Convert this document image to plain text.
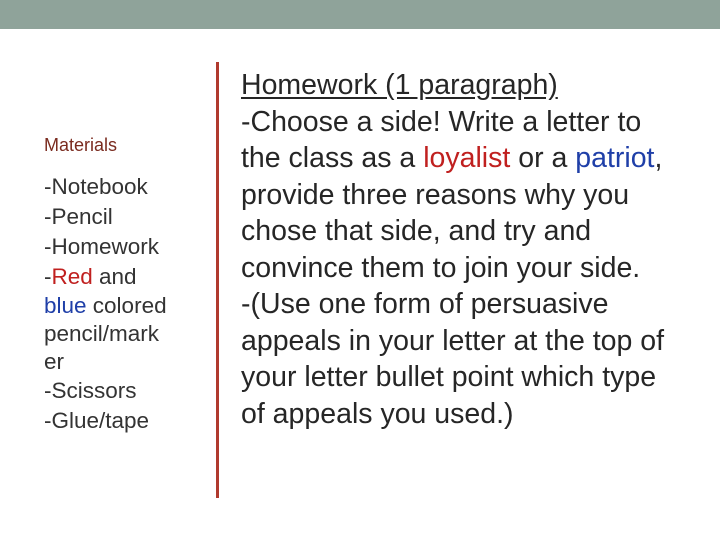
Materials
-Notebook
-Pencil
-Homework
-Red and
blue colored
pencil/mark
er
-Scissors
-Glue/tape
Homework (1 paragraph)
-Choose a side! Write a letter to the class as a loyalist or a patriot, provide three reasons why you chose that side, and try and convince them to join your side.
-(Use one form of persuasive appeals in your letter at the top of your letter bullet point which type of appeals you used.)
